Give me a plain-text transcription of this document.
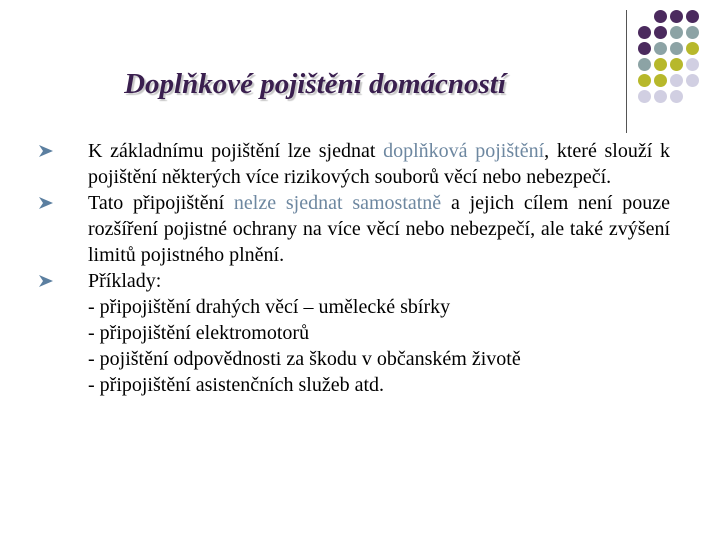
Doplňkové pojištění domácností
K základnímu pojištění lze sjednat doplňková pojištění, které slouží k pojištění některých více rizikových souborů věcí nebo nebezpečí.
Tato připojištění nelze sjednat samostatně a jejich cílem není pouze rozšíření pojistné ochrany na více věcí nebo nebezpečí, ale také zvýšení limitů pojistného plnění.
Příklady:
- připojištění drahých věcí – umělecké sbírky
- připojištění elektromotorů
- pojištění odpovědnosti za škodu v občanském životě
- připojištění asistenčních služeb atd.
